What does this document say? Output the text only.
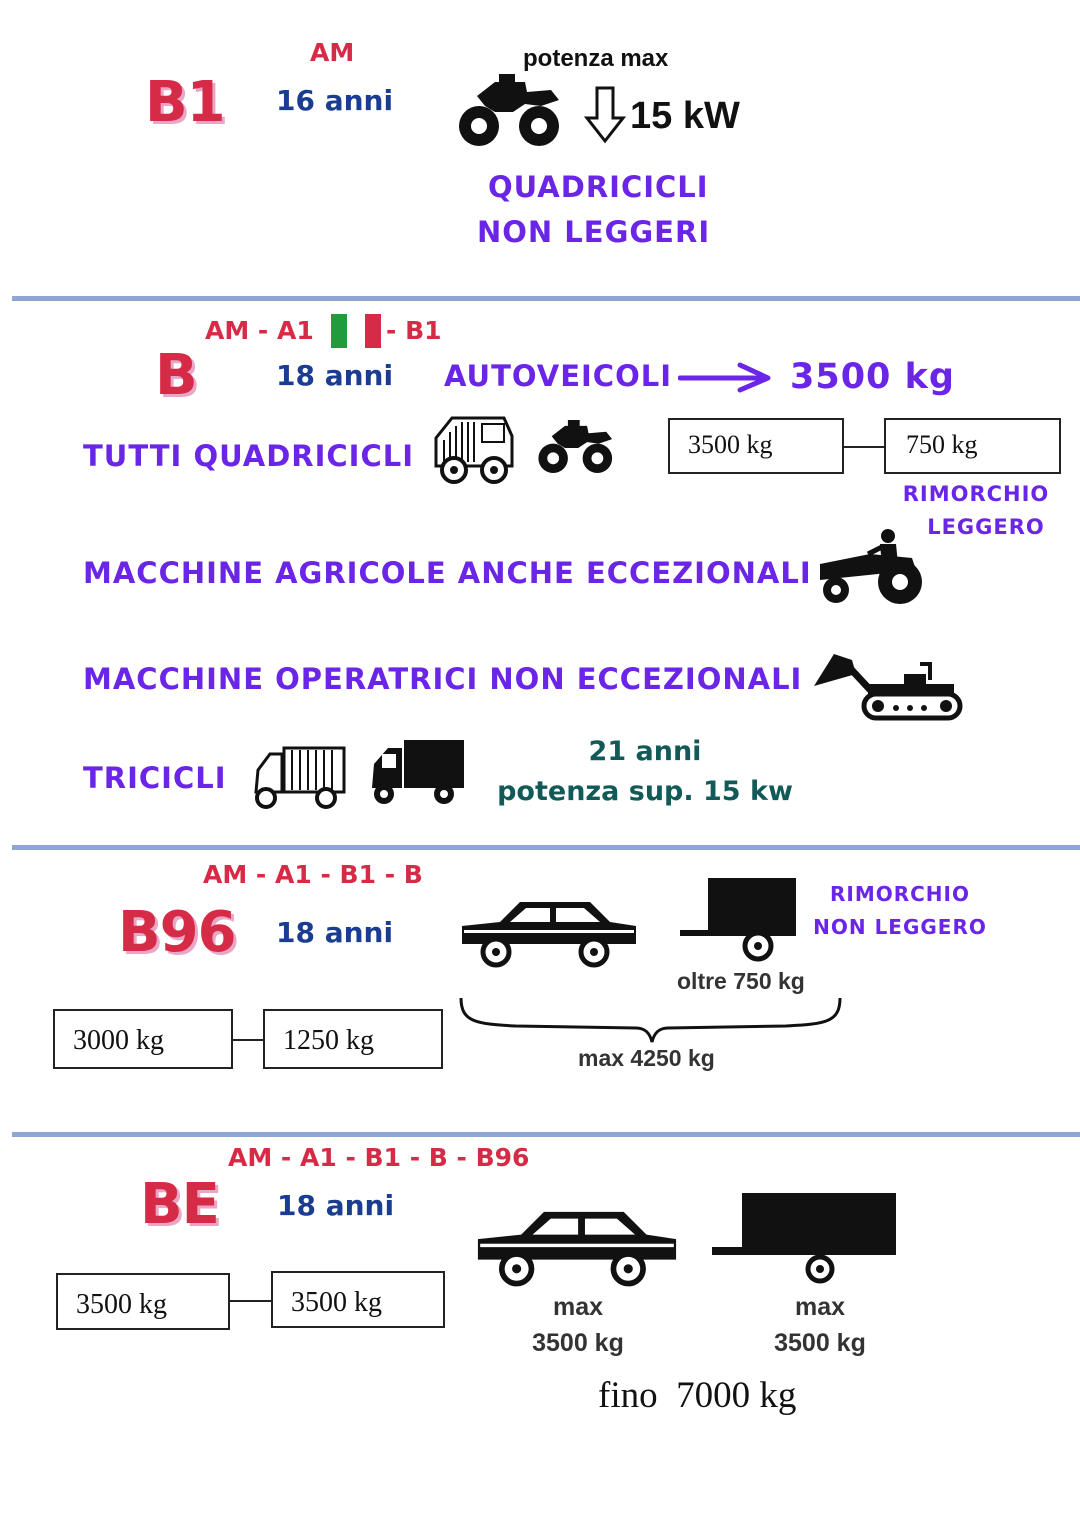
B1
AM
16 anni
potenza max
15 kW
QUADRICICLI
NON LEGGERI
AM - A1	- B1
B	18 anni AUTOVEICOLI	3500 kg
TUTTI QUADRICICLI	3500 kg	750 kg
RIMORCHIO
LEGGERO
MACCHINE AGRICOLE ANCHE ECCEZIONALI
MACCHINE OPERATRICI NON ECCEZIONALI
TRICICLI
21 anni
potenza sup. 15 kw
AM - A1 - B1 - B
B96 18 anni
RIMORCHIO
NON LEGGERO
oltre 750 kg
max 4250 kg
3000 kg	1250 kg
AM - A1 - B1 - B - B96
BE 18 anni
3500 kg	3500 kg	max
3500 kg
max
3500 kg
fino  7000 kg
